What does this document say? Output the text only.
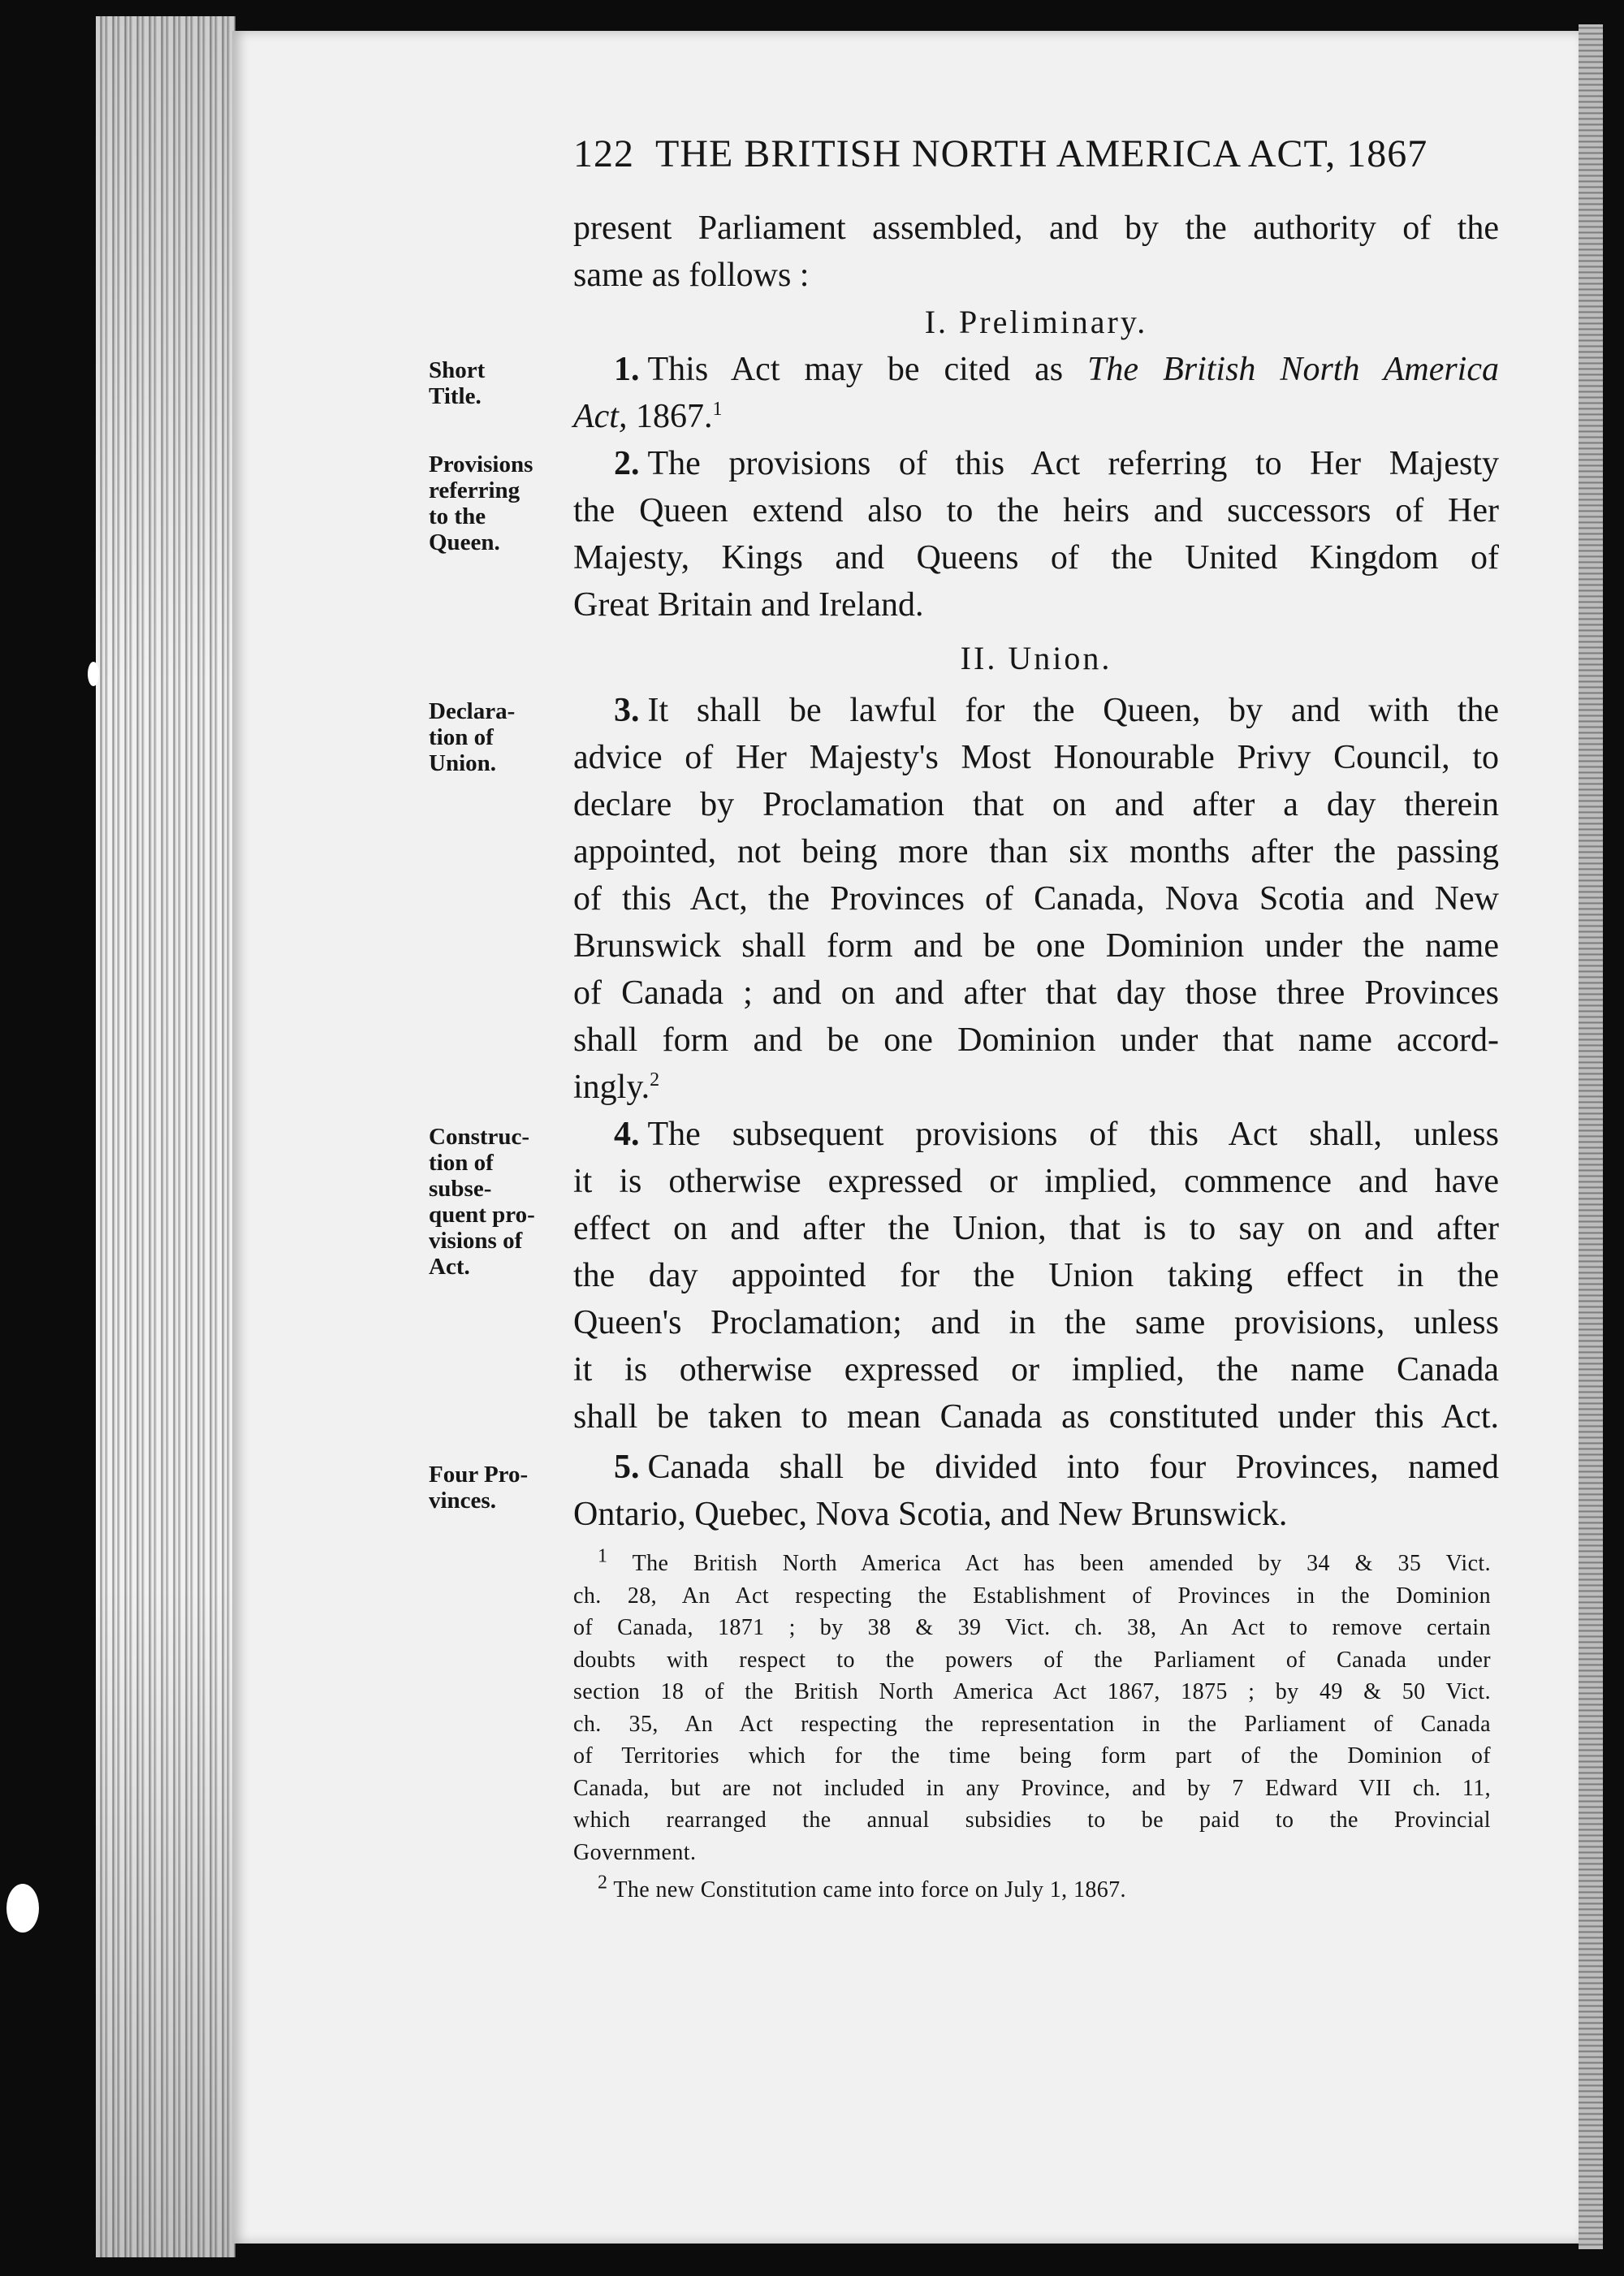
122 THE BRITISH NORTH AMERICA ACT, 1867
present Parliament assembled, and by the authority of the
same as follows :
I. Preliminary.
1. This Act may be cited as The British North America
Act, 1867.$^1$
2. The provisions of this Act referring to Her Majesty
the Queen extend also to the heirs and successors of Her
Majesty, Kings and Queens of the United Kingdom of
Great Britain and Ireland.
II. Union.
3. It shall be lawful for the Queen, by and with the
advice of Her Majesty's Most Honourable Privy Council, to
declare by Proclamation that on and after a day therein
appointed, not being more than six months after the passing
of this Act, the Provinces of Canada, Nova Scotia and New
Brunswick shall form and be one Dominion under the name
of Canada ; and on and after that day those three Provinces
shall form and be one Dominion under that name accord-
ingly.$^2$
4. The subsequent provisions of this Act shall, unless
it is otherwise expressed or implied, commence and have
effect on and after the Union, that is to say on and after
the day appointed for the Union taking effect in the
Queen's Proclamation; and in the same provisions, unless
it is otherwise expressed or implied, the name Canada
shall be taken to mean Canada as constituted under this Act.
5. Canada shall be divided into four Provinces, named
Ontario, Quebec, Nova Scotia, and New Brunswick.
Short
Title.
Provisions
referring
to the
Queen.
Declara-
tion of
Union.
Construc-
tion of
subse-
quent pro-
visions of
Act.
Four Pro-
vinces.
$^1$ The British North America Act has been amended by 34 & 35 Vict.
ch. 28, An Act respecting the Establishment of Provinces in the Dominion
of Canada, 1871 ; by 38 & 39 Vict. ch. 38, An Act to remove certain
doubts with respect to the powers of the Parliament of Canada under
section 18 of the British North America Act 1867, 1875 ; by 49 & 50 Vict.
ch. 35, An Act respecting the representation in the Parliament of Canada
of Territories which for the time being form part of the Dominion of
Canada, but are not included in any Province, and by 7 Edward VII ch. 11,
which rearranged the annual subsidies to be paid to the Provincial
Government.
$^2$ The new Constitution came into force on July 1, 1867.
